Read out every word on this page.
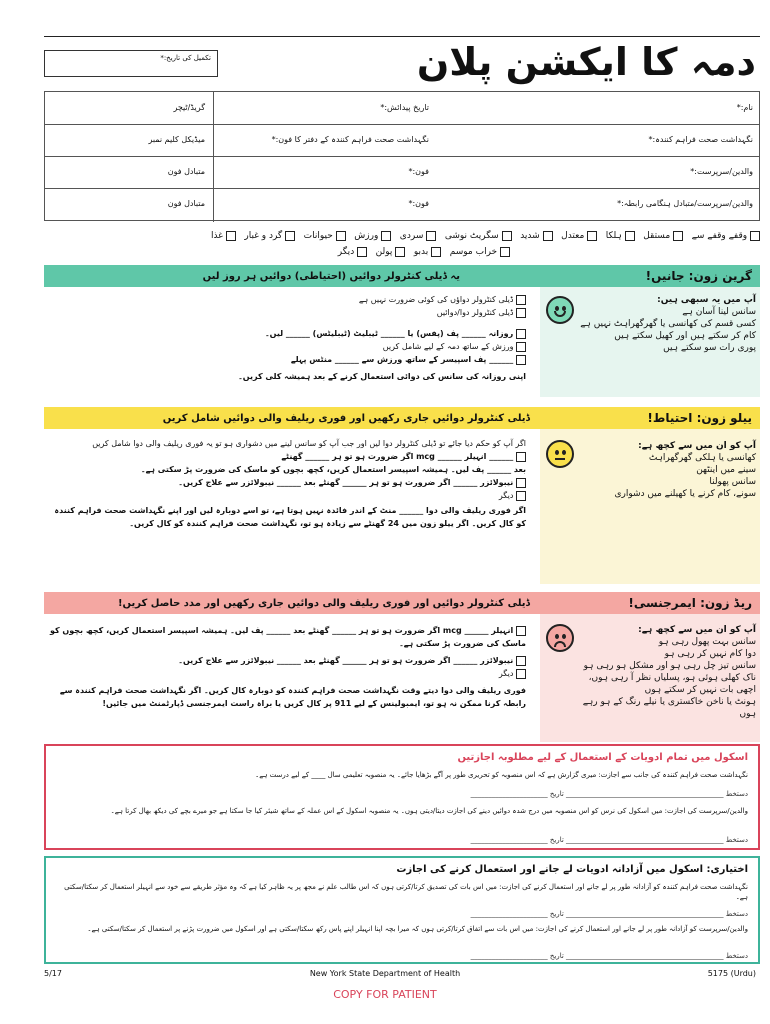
تکمیل کی تاریخ:*	دمہ کا ایکشن پلان
نام:*
تاریخ پیدائش:*
گریڈ/ٹیچر
نگہداشت صحت فراہم کنندہ:*
نگہداشت صحت فراہم کنندہ کے دفتر کا فون:*
میڈیکل کلیم نمبر
والدین/سرپرست:*
فون:*
متبادل فون
والدین/سرپرست/متبادل ہنگامی رابطہ:*
فون:*
متبادل فون
وقفے وقفے سے    مستقل    ہلکا    معتدل    شدید    سگریٹ نوشی    سردی    ورزش    حیوانات    گرد و غبار    غذا
خراب موسم    بدبو    پولن    دیگر
گرین زون: جانیں!
یہ ڈیلی کنٹرولر دوائیں (احتیاطی) دوائیں ہر روز لیں
آپ میں یہ سبھی ہیں:
سانس لینا آسان ہے
کسی قسم کی کھانسی یا گھرگھراہٹ نہیں ہے
کام کر سکتے ہیں اور کھیل سکتے ہیں
پوری رات سو سکتے ہیں
ڈیلی کنٹرولر دواؤں کی کوئی ضرورت نہیں ہے
ڈیلی کنٹرولر دوا/دوائیں
روزانہ ______ پف (پفس) یا ______ ٹیبلیٹ (ٹیبلیٹس) ______ لیں۔
ورزش کے ساتھ دمہ کے لیے شامل کریں
______ پف اسپیسر کے ساتھ ورزش سے ______ منٹس پہلے
اپنی روزانہ کی سانس کی دوائی استعمال کرنے کے بعد ہمیشہ کلی کریں۔
ییلو زون: احتیاط!
ڈیلی کنٹرولر دوائیں جاری رکھیں اور فوری ریلیف والی دوائیں شامل کریں
آپ کو ان میں سے کچھ ہے:
کھانسی یا ہلکی گھرگھراہٹ
سینے میں اینٹھن
سانس پھولنا
سونے، کام کرنے یا کھیلنے میں دشواری
اگر آپ کو حکم دیا جائے تو ڈیلی کنٹرولر دوا لیں اور جب آپ کو سانس لینے میں دشواری ہو تو یہ فوری ریلیف والی دوا شامل کریں
______ انہیلر ______ mcg اگر ضرورت ہو تو ہر ______ گھنٹے
بعد ______ پف لیں۔ ہمیشہ اسپیسر استعمال کریں، کچھ بچوں کو ماسک کی ضرورت پڑ سکتی ہے۔
نیبولائزر ______ اگر ضرورت ہو تو ہر ______ گھنٹے بعد ______ نیبولائزر سے علاج کریں۔
دیگر
اگر فوری ریلیف والی دوا ______ منٹ کے اندر فائدہ نہیں ہوتا ہے، تو اسے دوبارہ لیں اور اپنے نگہداشت صحت فراہم کنندہ کو کال کریں۔ اگر ییلو زون میں 24 گھنٹے سے زیادہ ہو تو، نگہداشت صحت فراہم کنندہ کو کال کریں۔
ریڈ زون: ایمرجنسی!
ڈیلی کنٹرولر دوائیں اور فوری ریلیف والی دوائیں جاری رکھیں اور مدد حاصل کریں!
آپ کو ان میں سے کچھ ہے:
سانس بہت پھول رہی ہو
دوا کام نہیں کر رہی ہو
سانس تیز چل رہی ہو اور مشکل ہو رہی ہو
ناک کھلی ہوئی ہو، پسلیاں نظر آ رہی ہوں، اچھی بات نہیں کر سکتے ہوں
ہونٹ یا ناخن خاکستری یا نیلے رنگ کے ہو رہے ہوں
انہیلر ______ mcg اگر ضرورت ہو تو ہر ______ گھنٹے بعد ______ پف لیں۔ ہمیشہ اسپیسر استعمال کریں، کچھ بچوں کو ماسک کی ضرورت پڑ سکتی ہے۔
نیبولائزر ______ اگر ضرورت ہو تو ہر ______ گھنٹے بعد ______ نیبولائزر سے علاج کریں۔
دیگر
فوری ریلیف والی دوا دیتے وقت نگہداشت صحت فراہم کنندہ کو دوبارہ کال کریں۔ اگر نگہداشت صحت فراہم کنندہ سے رابطہ کرنا ممکن نہ ہو تو، ایمبولینس کے لیے 911 پر کال کریں یا براہ راست ایمرجنسی ڈپارٹمنٹ میں جائیں!
اسکول میں تمام ادویات کے استعمال کے لیے مطلوبہ اجازتیں
نگہداشت صحت فراہم کنندہ کی جانب سے اجازت: میری گزارش ہے کہ اس منصوبہ کو تحریری طور پر آگے بڑھایا جائے۔ یہ منصوبہ تعلیمی سال ____ کے لیے درست ہے۔
دستخط _____________________________________________ تاریخ ______________________
والدین/سرپرست کی اجازت: میں اسکول کی نرس کو اس منصوبہ میں درج شدہ دوائیں دینے کی اجازت دیتا/دیتی ہوں۔ یہ منصوبہ اسکول کے اس عملہ کے ساتھ شیئر کیا جا سکتا ہے جو میرے بچے کی دیکھ بھال کرتا ہے۔
دستخط _____________________________________________ تاریخ ______________________
اختیاری: اسکول میں آزادانہ ادویات لے جانے اور استعمال کرنے کی اجازت
نگہداشت صحت فراہم کنندہ کو آزادانہ طور پر لے جانے اور استعمال کرنے کی اجازت: میں اس بات کی تصدیق کرتا/کرتی ہوں کہ اس طالب علم نے مجھ پر یہ ظاہر کیا ہے کہ وہ مؤثر طریقے سے خود سے انہیلر استعمال کر سکتا/سکتی ہے۔
دستخط _____________________________________________ تاریخ ______________________
والدین/سرپرست کو آزادانہ طور پر لے جانے اور استعمال کرنے کی اجازت: میں اس بات سے اتفاق کرتا/کرتی ہوں کہ میرا بچہ اپنا انہیلر اپنے پاس رکھ سکتا/سکتی ہے اور اسکول میں ضرورت پڑنے پر استعمال کر سکتا/سکتی ہے۔
دستخط _____________________________________________ تاریخ ______________________
5/17	New York State Department of Health	5175 (Urdu)
COPY FOR PATIENT
